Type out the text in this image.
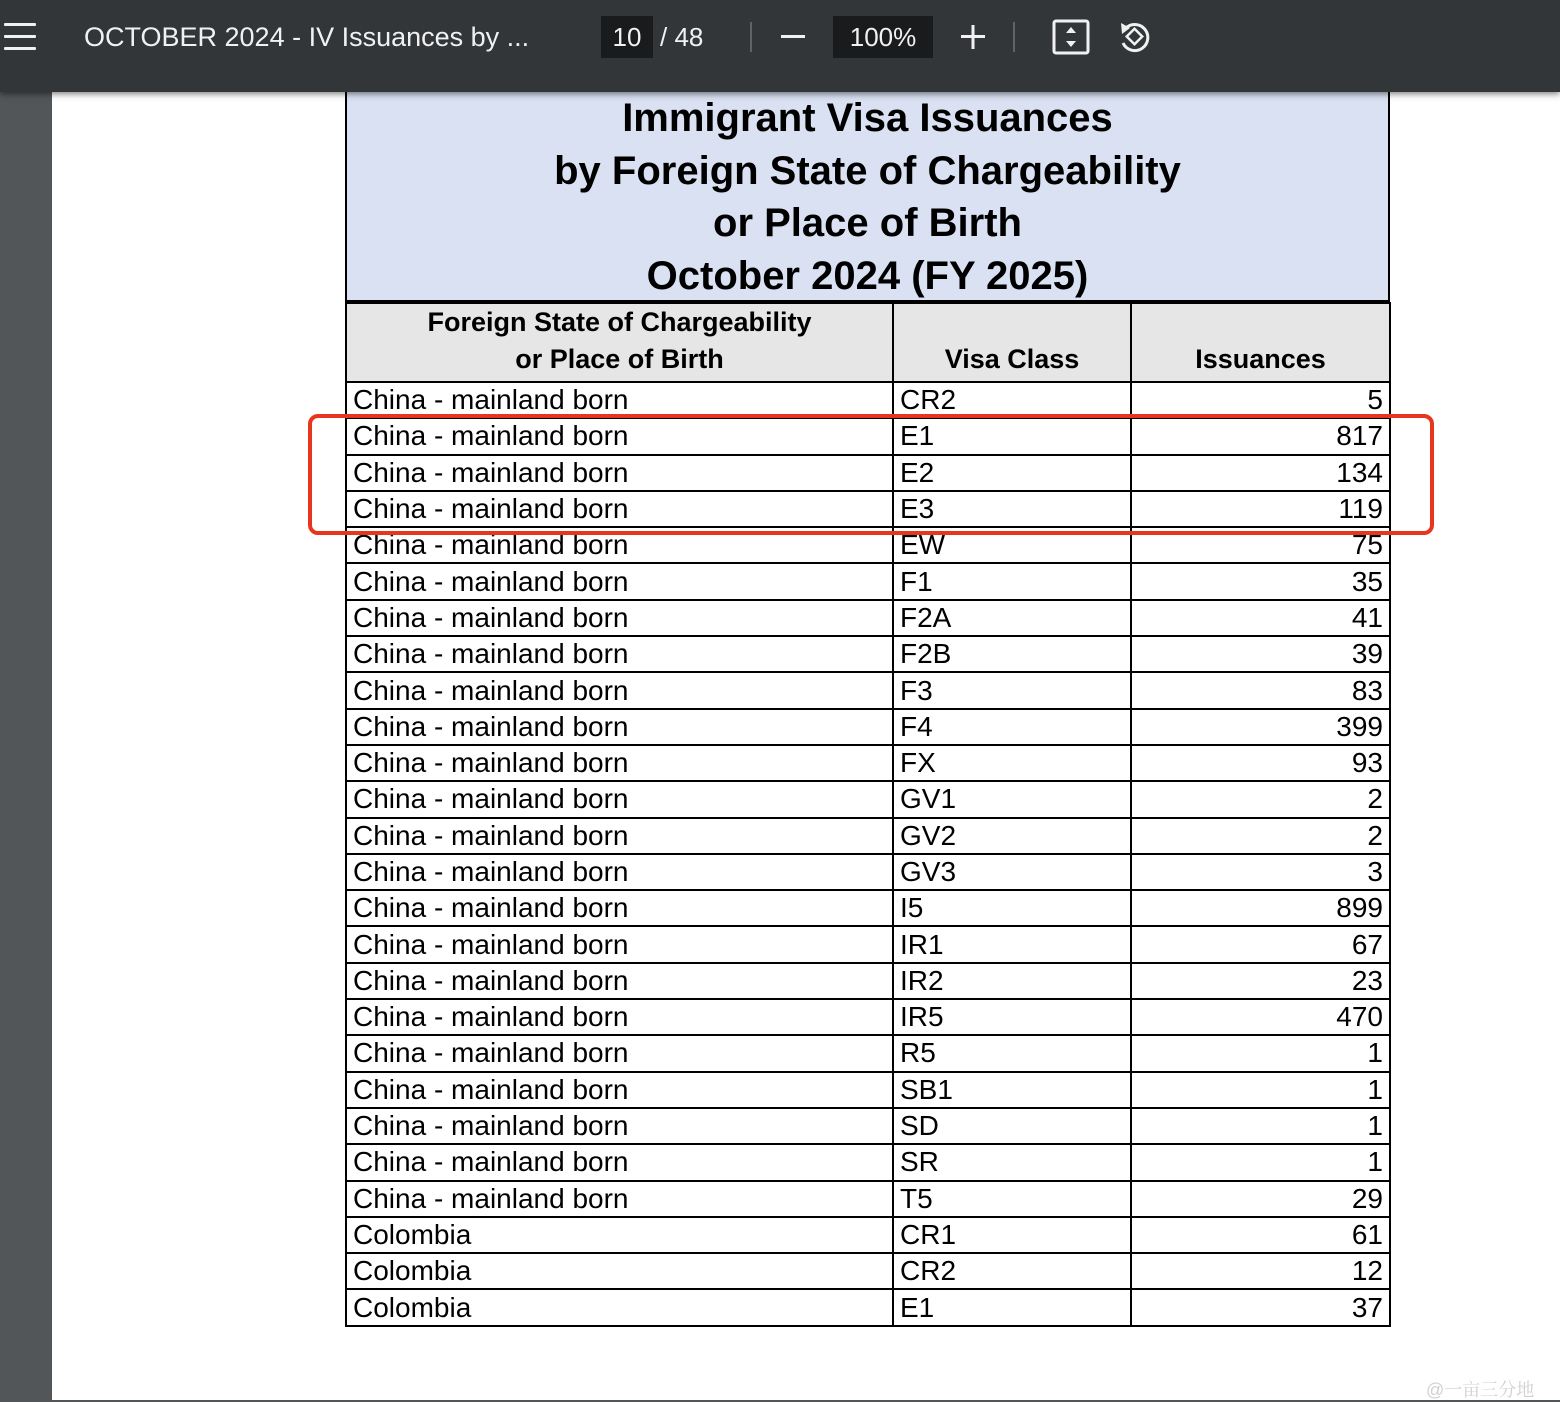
OCTOBER 2024 - IV Issuances by ...
10	/ 48
100%
Immigrant Visa Issuances
by Foreign State of Chargeability
or Place of Birth
October 2024 (FY 2025)
Foreign State of Chargeability
or Place of Birth	Visa Class	Issuances
China - mainland born	CR2	5
China - mainland born	E1	817
China - mainland born	E2	134
China - mainland born	E3	119
China - mainland born	EW	75
China - mainland born	F1	35
China - mainland born	F2A	41
China - mainland born	F2B	39
China - mainland born	F3	83
China - mainland born	F4	399
China - mainland born	FX	93
China - mainland born	GV1	2
China - mainland born	GV2	2
China - mainland born	GV3	3
China - mainland born	I5	899
China - mainland born	IR1	67
China - mainland born	IR2	23
China - mainland born	IR5	470
China - mainland born	R5	1
China - mainland born	SB1	1
China - mainland born	SD	1
China - mainland born	SR	1
China - mainland born	T5	29
Colombia	CR1	61
Colombia	CR2	12
Colombia	E1	37
@一亩三分地
